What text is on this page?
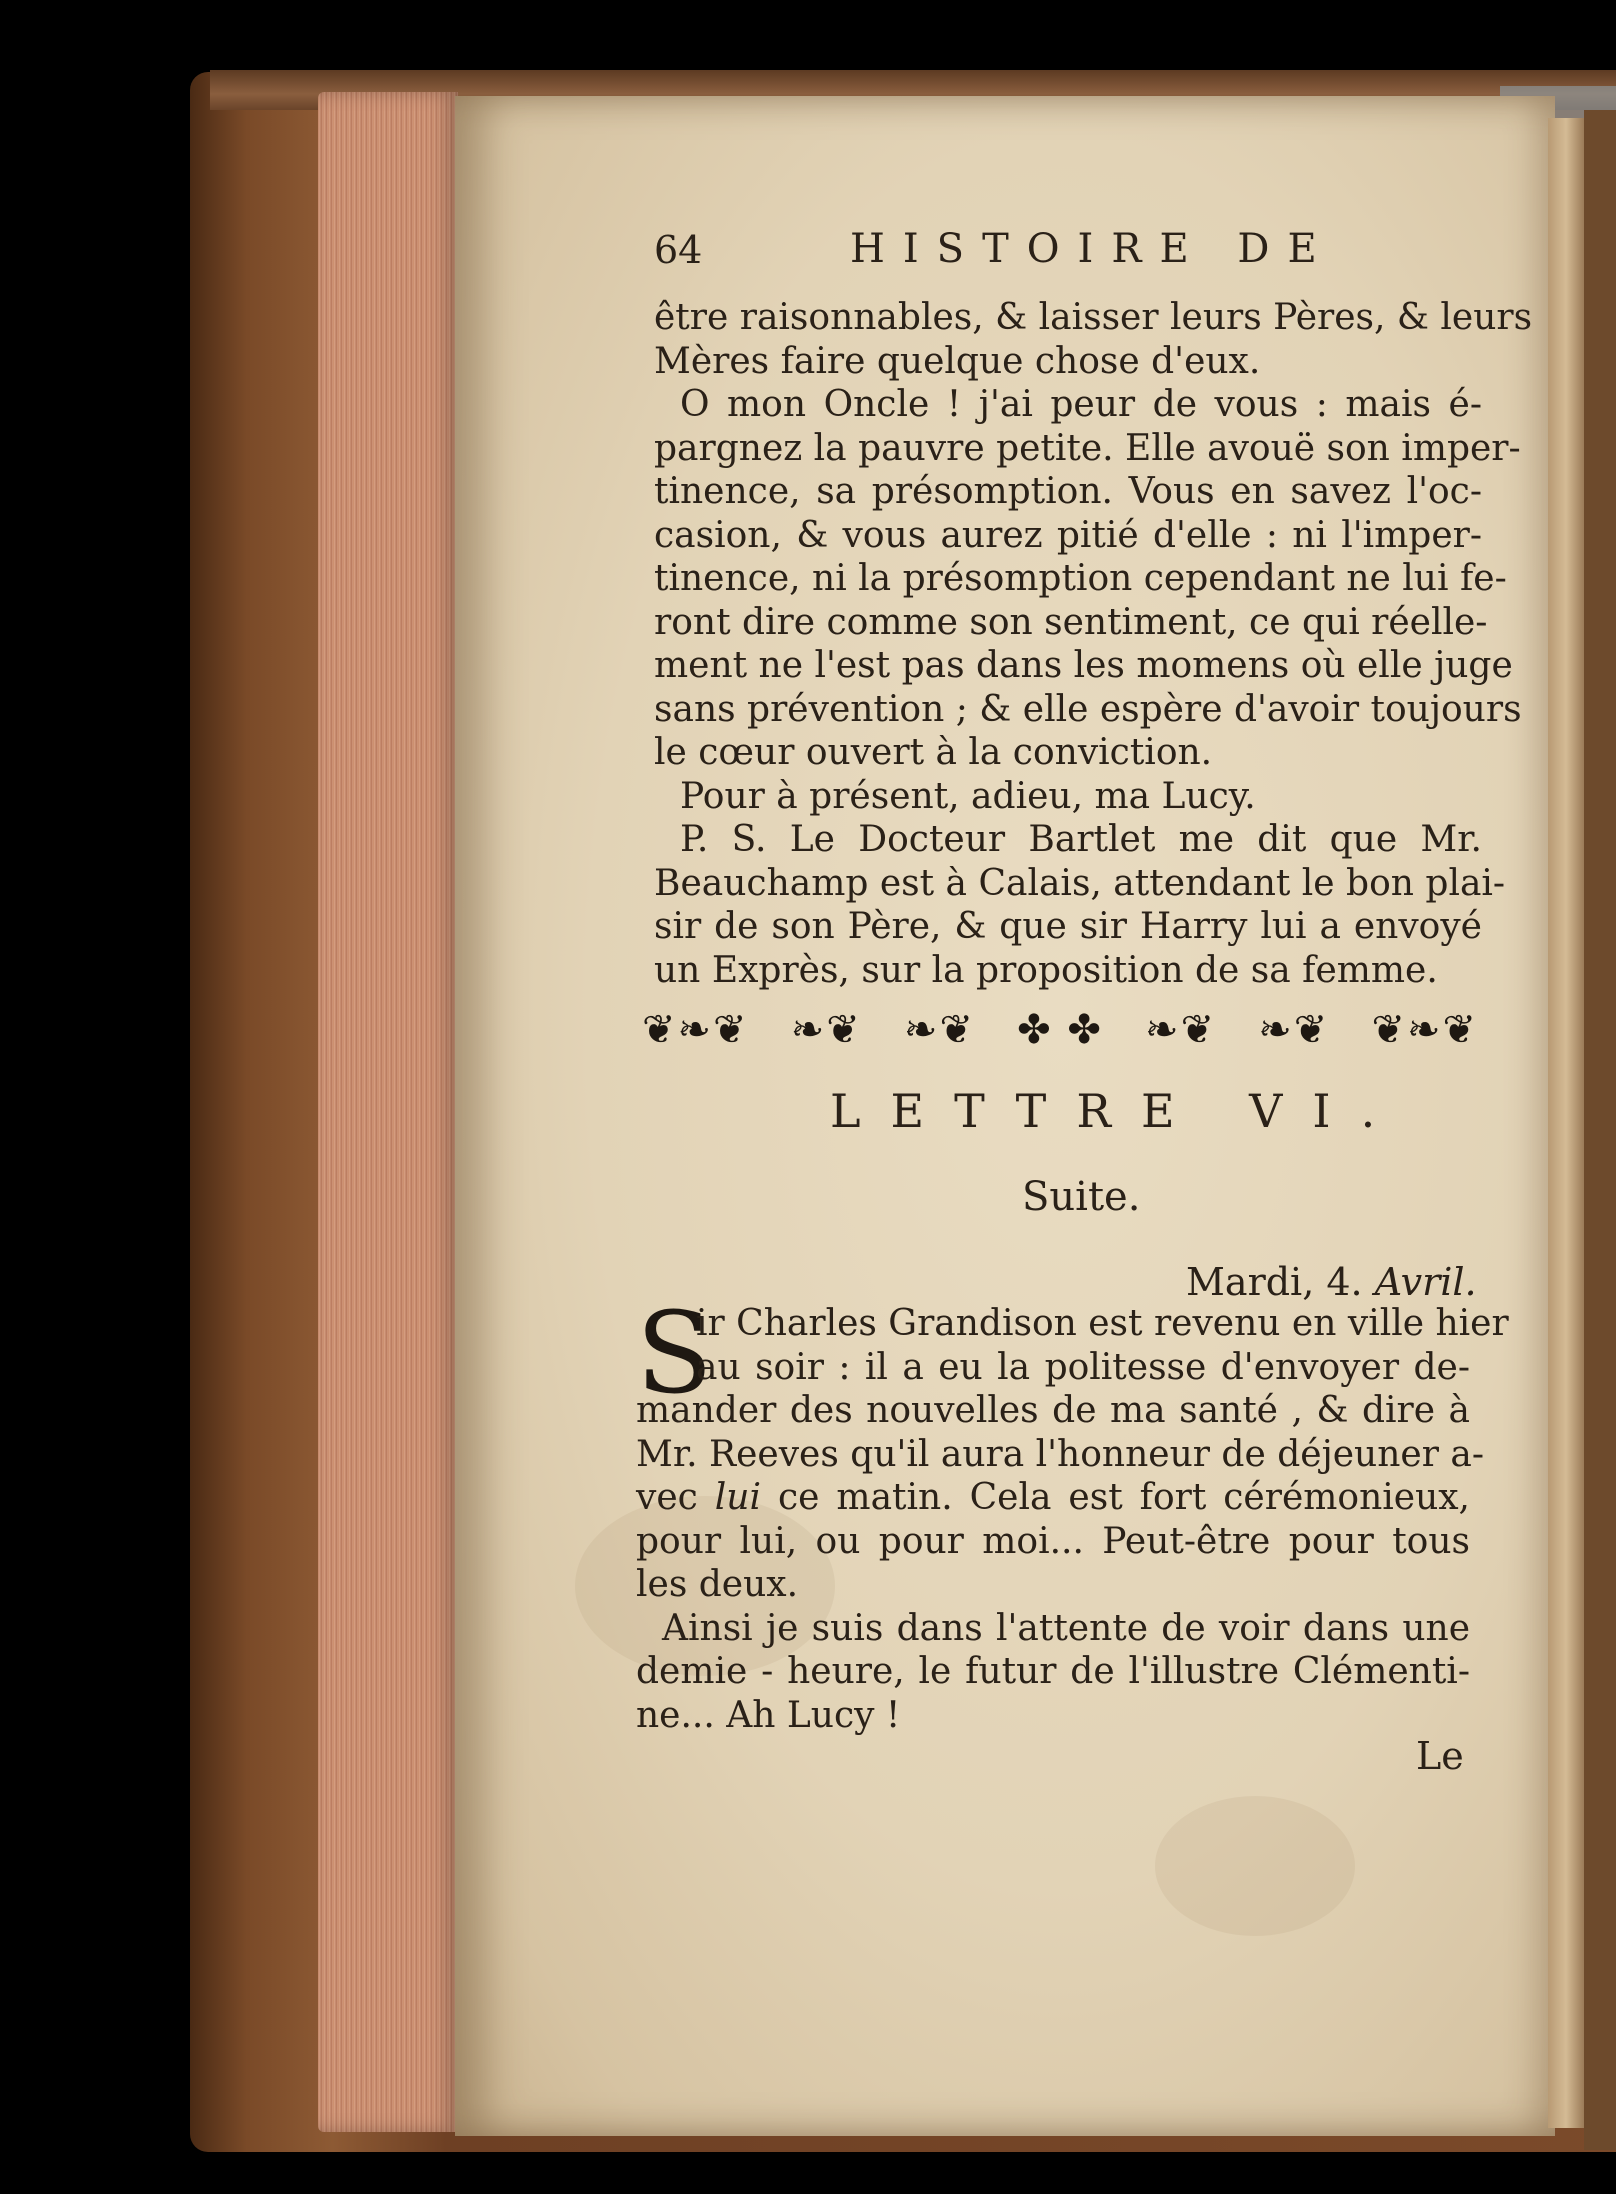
64	HISTOIRE DE
être raisonnables, & laisser leurs Pères, & leurs
Mères faire quelque chose d'eux.
O mon Oncle ! j'ai peur de vous : mais é-
pargnez la pauvre petite. Elle avouë son imper-
tinence, sa présomption. Vous en savez l'oc-
casion, & vous aurez pitié d'elle : ni l'imper-
tinence, ni la présomption cependant ne lui fe-
ront dire comme son sentiment, ce qui réelle-
ment ne l'est pas dans les momens où elle juge
sans prévention ; & elle espère d'avoir toujours
le cœur ouvert à la conviction.
Pour à présent, adieu, ma Lucy.
P. S. Le Docteur Bartlet me dit que Mr.
Beauchamp est à Calais, attendant le bon plai-
sir de son Père, & que sir Harry lui a envoyé
un Exprès, sur la proposition de sa femme.
❦❧❦ ❧❦ ❧❦ ✤ ✤ ❧❦ ❧❦ ❦❧❦
LETTRE VI.
Suite.
Mardi, 4. Avril.
S
ir Charles Grandison est revenu en ville hier
au soir : il a eu la politesse d'envoyer de-
mander des nouvelles de ma santé , & dire à
Mr. Reeves qu'il aura l'honneur de déjeuner a-
vec lui ce matin. Cela est fort cérémonieux,
pour lui, ou pour moi... Peut-être pour tous
les deux.
Ainsi je suis dans l'attente de voir dans une
demie - heure, le futur de l'illustre Clémenti-
ne... Ah Lucy !
Le
